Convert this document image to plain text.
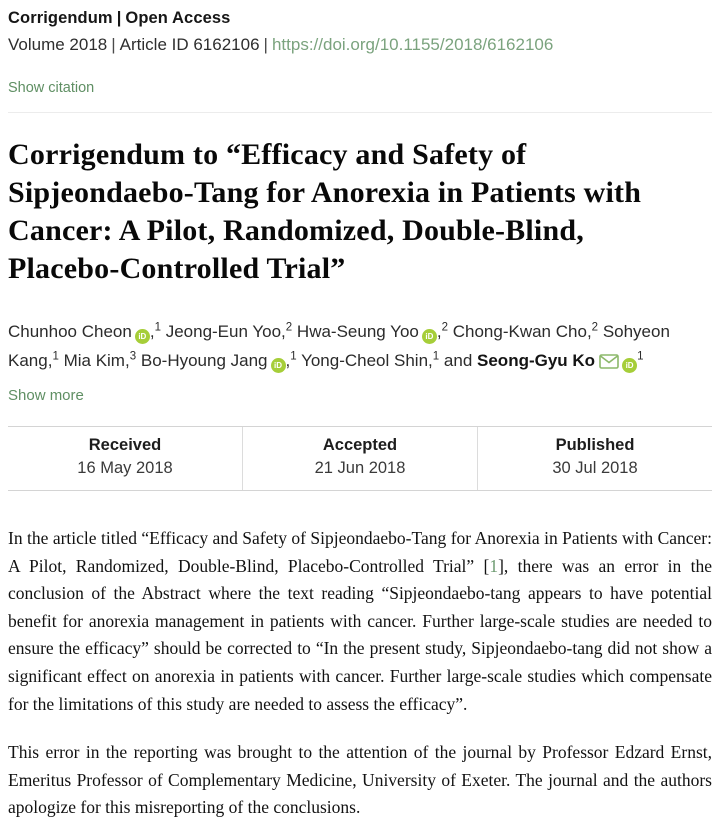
Corrigendum | Open Access
Volume 2018 | Article ID 6162106 | https://doi.org/10.1155/2018/6162106
Show citation
Corrigendum to “Efficacy and Safety of Sipjeondaebo-Tang for Anorexia in Patients with Cancer: A Pilot, Randomized, Double-Blind, Placebo-Controlled Trial”
Chunhoo Cheon iD ,$^1$ Jeong-Eun Yoo,$^2$ Hwa-Seung Yoo iD ,$^2$ Chong-Kwan Cho,$^2$ Sohyeon Kang,$^1$ Mia Kim,$^3$ Bo-Hyoung Jang iD ,$^1$ Yong-Cheol Shin,$^1$ and Seong-Gyu Ko	$iD^1$
Show more
Received
16 May 2018
Accepted
21 Jun 2018
Published
30 Jul 2018

In the article titled “Efficacy and Safety of Sipjeondaebo-Tang for Anorexia in Patients with Cancer: A Pilot, Randomized, Double-Blind, Placebo-Controlled Trial” [1], there was an error in the conclusion of the Abstract where the text reading “Sipjeondaebo-tang appears to have potential benefit for anorexia management in patients with cancer. Further large-scale studies are needed to ensure the efficacy” should be corrected to “In the present study, Sipjeondaebo-tang did not show a significant effect on anorexia in patients with cancer. Further large-scale studies which compensate for the limitations of this study are needed to assess the efficacy”.

This error in the reporting was brought to the attention of the journal by Professor Edzard Ernst, Emeritus Professor of Complementary Medicine, University of Exeter. The journal and the authors apologize for this misreporting of the conclusions.
